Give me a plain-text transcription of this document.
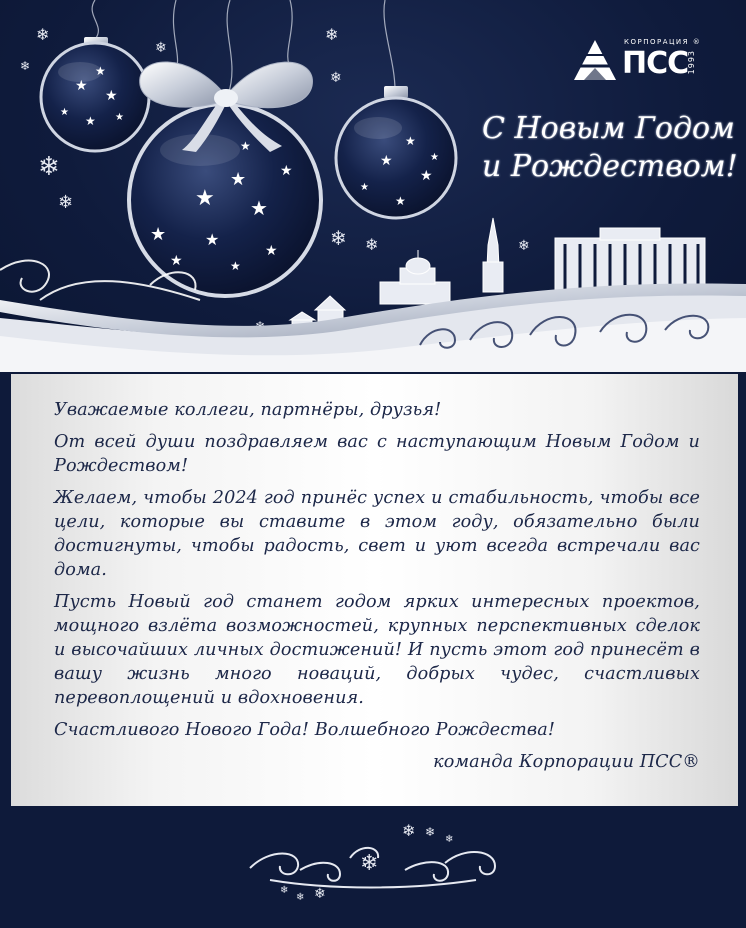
★
★
★
★
★ ★
★
★
★
★
★
★
★	★
★
★
★
★
★
★
★
★
❄
❄
❄
❄
❄
❄
❄
❄ ❄	❄
КОРПОРАЦИЯ ®
ПСС
1993
С Новым Годом
и Рождеством!

Уважаемые коллеги, партнёры, друзья!

От всей души поздравляем вас с наступающим Новым Годом и Рождеством!

Желаем, чтобы 2024 год принёс успех и стабильность, чтобы все цели, которые вы ставите в этом году, обязательно были достигнуты, чтобы радость, свет и уют всегда встречали вас дома.

Пусть Новый год станет годом ярких интересных проектов, мощного взлёта возможностей, крупных перспективных сделок и высочайших личных достижений! И пусть этот год принесёт в вашу жизнь много новаций, добрых чудес, счастливых перевоплощений и вдохновения.

Счастливого Нового Года! Волшебного Рождества!

команда Корпорации ПСС®

❄
❄ ❄
❄
❄
❄ ❄
